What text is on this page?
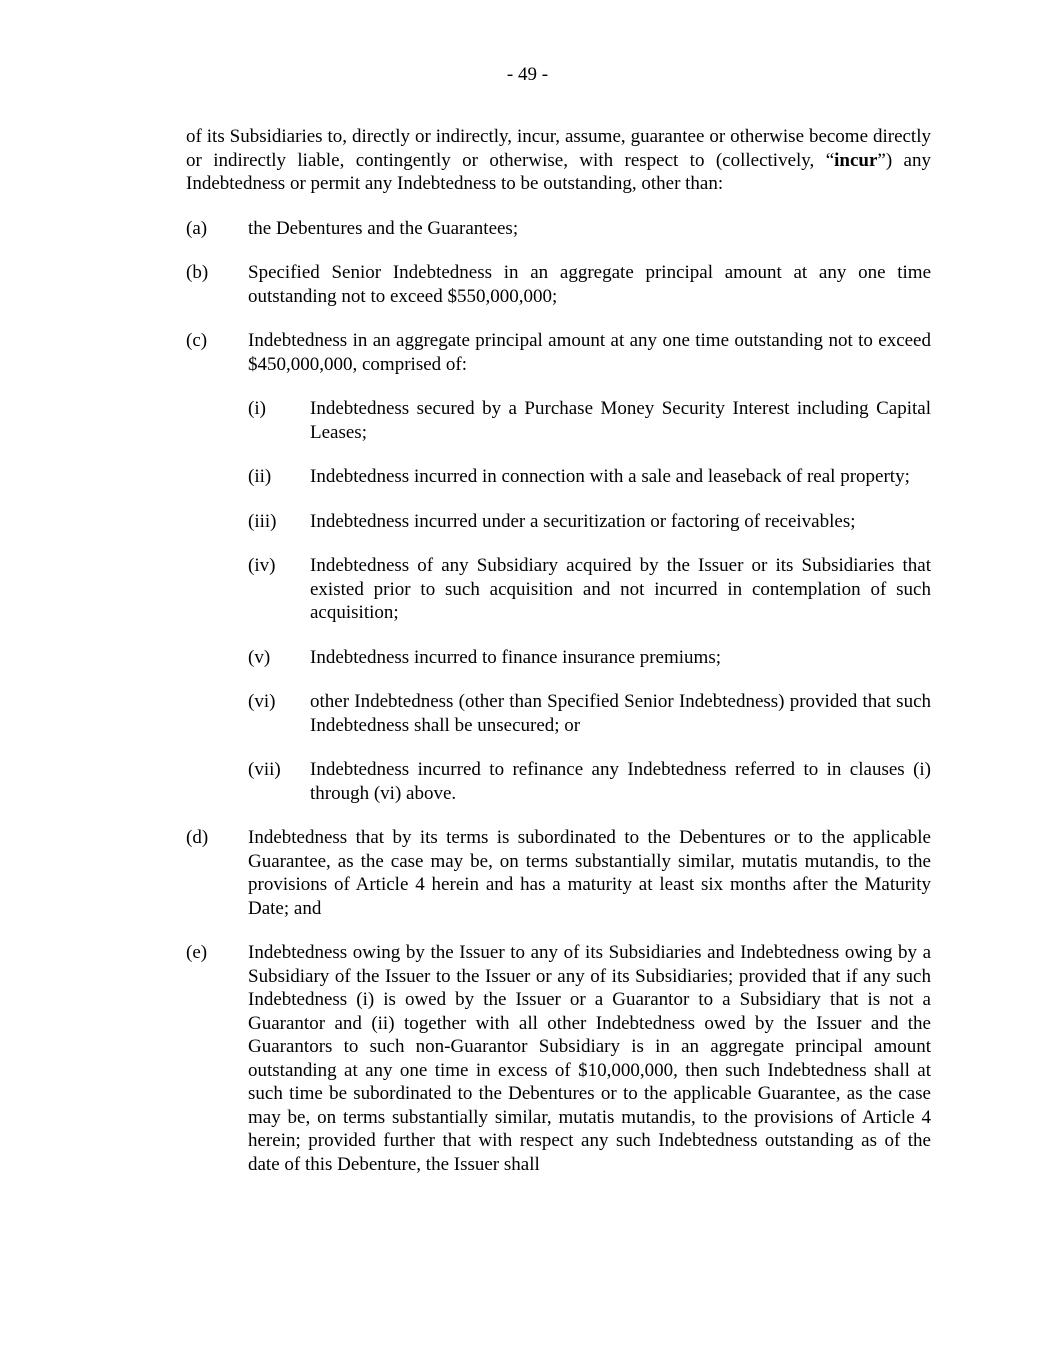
- 49 -

of its Subsidiaries to, directly or indirectly, incur, assume, guarantee or otherwise become directly or indirectly liable, contingently or otherwise, with respect to (collectively, “incur”) any Indebtedness or permit any Indebtedness to be outstanding, other than:

(a)	the Debentures and the Guarantees;
(b)	Specified Senior Indebtedness in an aggregate principal amount at any one time outstanding not to exceed $550,000,000;
(c)	Indebtedness in an aggregate principal amount at any one time outstanding not to exceed $450,000,000, comprised of:
(i)	Indebtedness secured by a Purchase Money Security Interest including Capital Leases;
(ii)	Indebtedness incurred in connection with a sale and leaseback of real property;
(iii)	Indebtedness incurred under a securitization or factoring of receivables;
(iv)	Indebtedness of any Subsidiary acquired by the Issuer or its Subsidiaries that existed prior to such acquisition and not incurred in contemplation of such acquisition;
(v)	Indebtedness incurred to finance insurance premiums;
(vi)	other Indebtedness (other than Specified Senior Indebtedness) provided that such Indebtedness shall be unsecured; or
(vii)	Indebtedness incurred to refinance any Indebtedness referred to in clauses (i) through (vi) above.
(d)	Indebtedness that by its terms is subordinated to the Debentures or to the applicable Guarantee, as the case may be, on terms substantially similar, mutatis mutandis, to the provisions of Article 4 herein and has a maturity at least six months after the Maturity Date; and
(e)	Indebtedness owing by the Issuer to any of its Subsidiaries and Indebtedness owing by a Subsidiary of the Issuer to the Issuer or any of its Subsidiaries; provided that if any such Indebtedness (i) is owed by the Issuer or a Guarantor to a Subsidiary that is not a Guarantor and (ii) together with all other Indebtedness owed by the Issuer and the Guarantors to such non-Guarantor Subsidiary is in an aggregate principal amount outstanding at any one time in excess of $10,000,000, then such Indebtedness shall at such time be subordinated to the Debentures or to the applicable Guarantee, as the case may be, on terms substantially similar, mutatis mutandis, to the provisions of Article 4 herein; provided further that with respect any such Indebtedness outstanding as of the date of this Debenture, the Issuer shall
